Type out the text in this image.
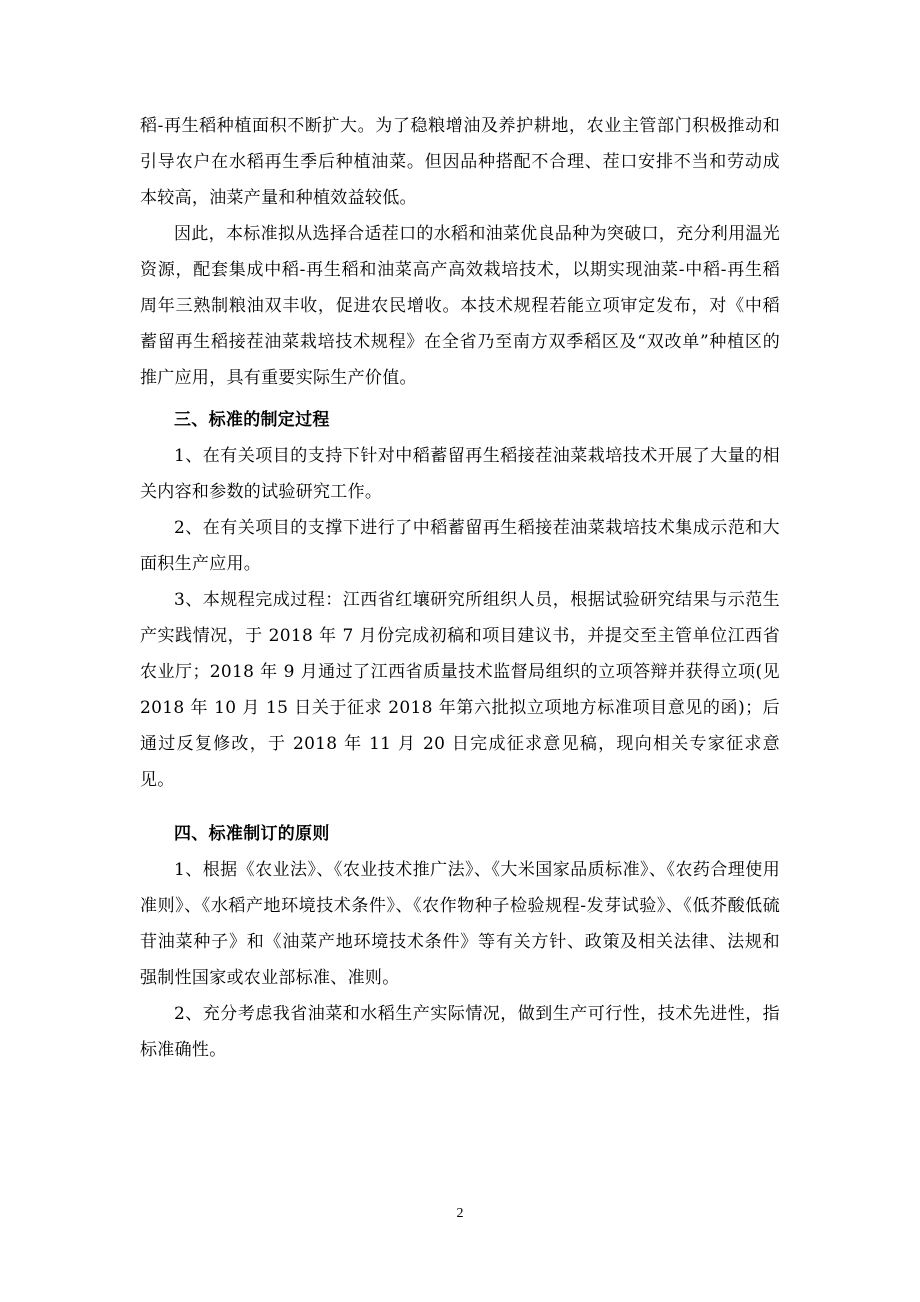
稻-再生稻种植面积不断扩大。为了稳粮增油及养护耕地，农业主管部门积极推动和引导农户在水稻再生季后种植油菜。但因品种搭配不合理、茬口安排不当和劳动成本较高，油菜产量和种植效益较低。

因此，本标准拟从选择合适茬口的水稻和油菜优良品种为突破口，充分利用温光资源，配套集成中稻-再生稻和油菜高产高效栽培技术，以期实现油菜-中稻-再生稻周年三熟制粮油双丰收，促进农民增收。本技术规程若能立项审定发布，对《中稻蓄留再生稻接茬油菜栽培技术规程》在全省乃至南方双季稻区及“双改单”种植区的推广应用，具有重要实际生产价值。

三、标准的制定过程

1、在有关项目的支持下针对中稻蓄留再生稻接茬油菜栽培技术开展了大量的相关内容和参数的试验研究工作。

2、在有关项目的支撑下进行了中稻蓄留再生稻接茬油菜栽培技术集成示范和大面积生产应用。

3、本规程完成过程：江西省红壤研究所组织人员，根据试验研究结果与示范生产实践情况，于 2018 年 7 月份完成初稿和项目建议书，并提交至主管单位江西省农业厅；2018 年 9 月通过了江西省质量技术监督局组织的立项答辩并获得立项(见 2018 年 10 月 15 日关于征求 2018 年第六批拟立项地方标准项目意见的函)；后通过反复修改，于 2018 年 11 月 20 日完成征求意见稿，现向相关专家征求意见。

四、标准制订的原则

1、根据《农业法》、《农业技术推广法》、《大米国家品质标准》、《农药合理使用准则》、《水稻产地环境技术条件》、《农作物种子检验规程-发芽试验》、《低芥酸低硫苷油菜种子》和《油菜产地环境技术条件》等有关方针、政策及相关法律、法规和强制性国家或农业部标准、准则。

2、充分考虑我省油菜和水稻生产实际情况，做到生产可行性，技术先进性，指标准确性。

2
